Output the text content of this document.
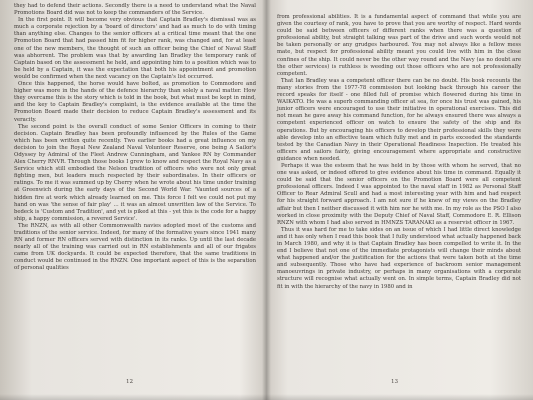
they had to defend their actions. Secondly there is a need to understand what the Naval Promotions Board did was not to keep the commanders of the Service.

In the first point. It will become very obvious that Captain Bradley's dismissal was as much a corporate rejection by a 'board of directors' and had as much to do with timing than anything else. Changes to the senior officers at a critical time meant that the one Promotion Board that had passed him fit for higher rank, was changed and, for at least one of the new members, the thought of such an officer being the Chief of Naval Staff was abhorrent. The problem was that by awarding Ian Bradley the temporary rank of Captain based on the assessment he held, and appointing him to a position which was to be held by a Captain, it was the expectation that both his appointment and promotion would be confirmed when the next vacancy on the Captain's list occurred.

Once this happened, the horse would have bolted, as promotion to Commodore and higher was more in the hands of the defence hierarchy than solely a naval matter. How they overcame this is the story which is told in the book, but what must be kept in mind, and the key to Captain Bradley's complaint, is the evidence available at the time the Promotion Board made their decision to reduce Captain Bradley's assessment and its veracity.

The second point is the overall conduct of some Senior Officers in coming to their decision. Captain Bradley has been profoundly influenced by the Rules of the Game which has been written quite recently. Two earlier books had a great influence on my decision to join the Royal New Zealand Naval Volunteer Reserve, one being A Sailor's Odyssey by Admiral of the Fleet Andrew Cunningham, and Yankee RN by Commander Alex Cherry RNVR. Through those books I grew to know and respect the Royal Navy as a Service which still embodied the Nelson tradition of officers who were not only great fighting men, but leaders much respected by their subordinates. In their officers or ratings. To me it was summed up by Cherry when he wrote about his time under training at Greenwich during the early days of the Second World War. 'Vaunted sources of a hidden fire at work which already learned on me. This force I felt we could not put my hand on was 'the sense of fair play' ... it was an almost unwritten law of the Service. To bedeck is 'Custom and Tradition', and yet is piked at this - yet this is the code for a happy ship, a happy commission, a revered Service'.

The RNZN, as with all other Commonwealth navies adopted most of the customs and traditions of the senior service. Indeed, for many of the formative years since 1941 many RN and former RN officers served with distinction in its ranks. Up until the last decade nearly all of the training was carried out in RN establishments and all of our frigates came from UK dockyards. It could be expected therefore, that the same traditions in conduct would be continued in the RNZN. One important aspect of this is the separation of personal qualities

12

from professional abilities. It is a fundamental aspect of command that while you are given the courtesy of rank, you have to prove that you are worthy of respect. Hard words could be said between officers of different ranks when there was a question of professional ability, but straight talking was part of the drive and such words would not be taken personally or any grudges harboured. You may not always like a fellow mess mate, but respect for professional ability meant you could live with him in the close confines of the ship. It could never be the other way round and the Navy (as no doubt are the other services) is ruthless is weeding out those officers who are not professionally competent.

That Ian Bradley was a competent officer there can be no doubt. His book recounts the many stories from the 1977-78 commission but looking back through his career the record speaks for itself - one filled full of promise which flowered during his time in WAIKATO. He was a superb commanding officer at sea, for once his trust was gained, his junior officers were encouraged to use their initiative in operational exercises. This did not mean he gave away his command function, for he always ensured there was always a competent experienced officer on watch to ensure the safety of the ship and its operations. But by encouraging his officers to develop their professional skills they were able develop into an effective team which fully met and in parts exceeded the standards tested by the Canadian Navy in their Operational Readiness Inspection. He treated his officers and sailors fairly, giving encouragement where appropriate and constructive guidance when needed.

Perhaps it was the esteem that he was held in by those with whom he served, that no one was asked, or indeed offered to give evidence about his time in command. Equally it could be said that the senior officers on the Promotion Board were all competent professional officers. Indeed I was appointed to the naval staff in 1982 as Personal Staff Officer to Rear Admiral Scull and had a most interesting year with him and had respect for his straight forward approach. I am not sure if he knew of my views on the Bradley affair but then I neither discussed it with him nor he with me. In my role as the PSO I also worked in close proximity with the Deputy Chief of Naval Staff, Commodore E. R. Ellison RNZN with whom I had also served in HMNZS TARANAKI as a reservist officer in 1967.

Thus it was hard for me to take sides on an issue of which I had little direct knowledge and it has only when I read this book that I fully understood what actually happened back in March 1980, and why it is that Captain Bradley has been compelled to write it. In the end I believe that not one of the immediate protagonists will change their minds about what happened and/or the justification for the actions that were taken both at the time and subsequently. Those who have had experience of backroom senior management manoeuvrings in private industry, or perhaps in many organisations with a corporate structure will recognise what actually went on. In simple terms, Captain Bradley did not fit in with the hierarchy of the navy in 1980 and in

13
